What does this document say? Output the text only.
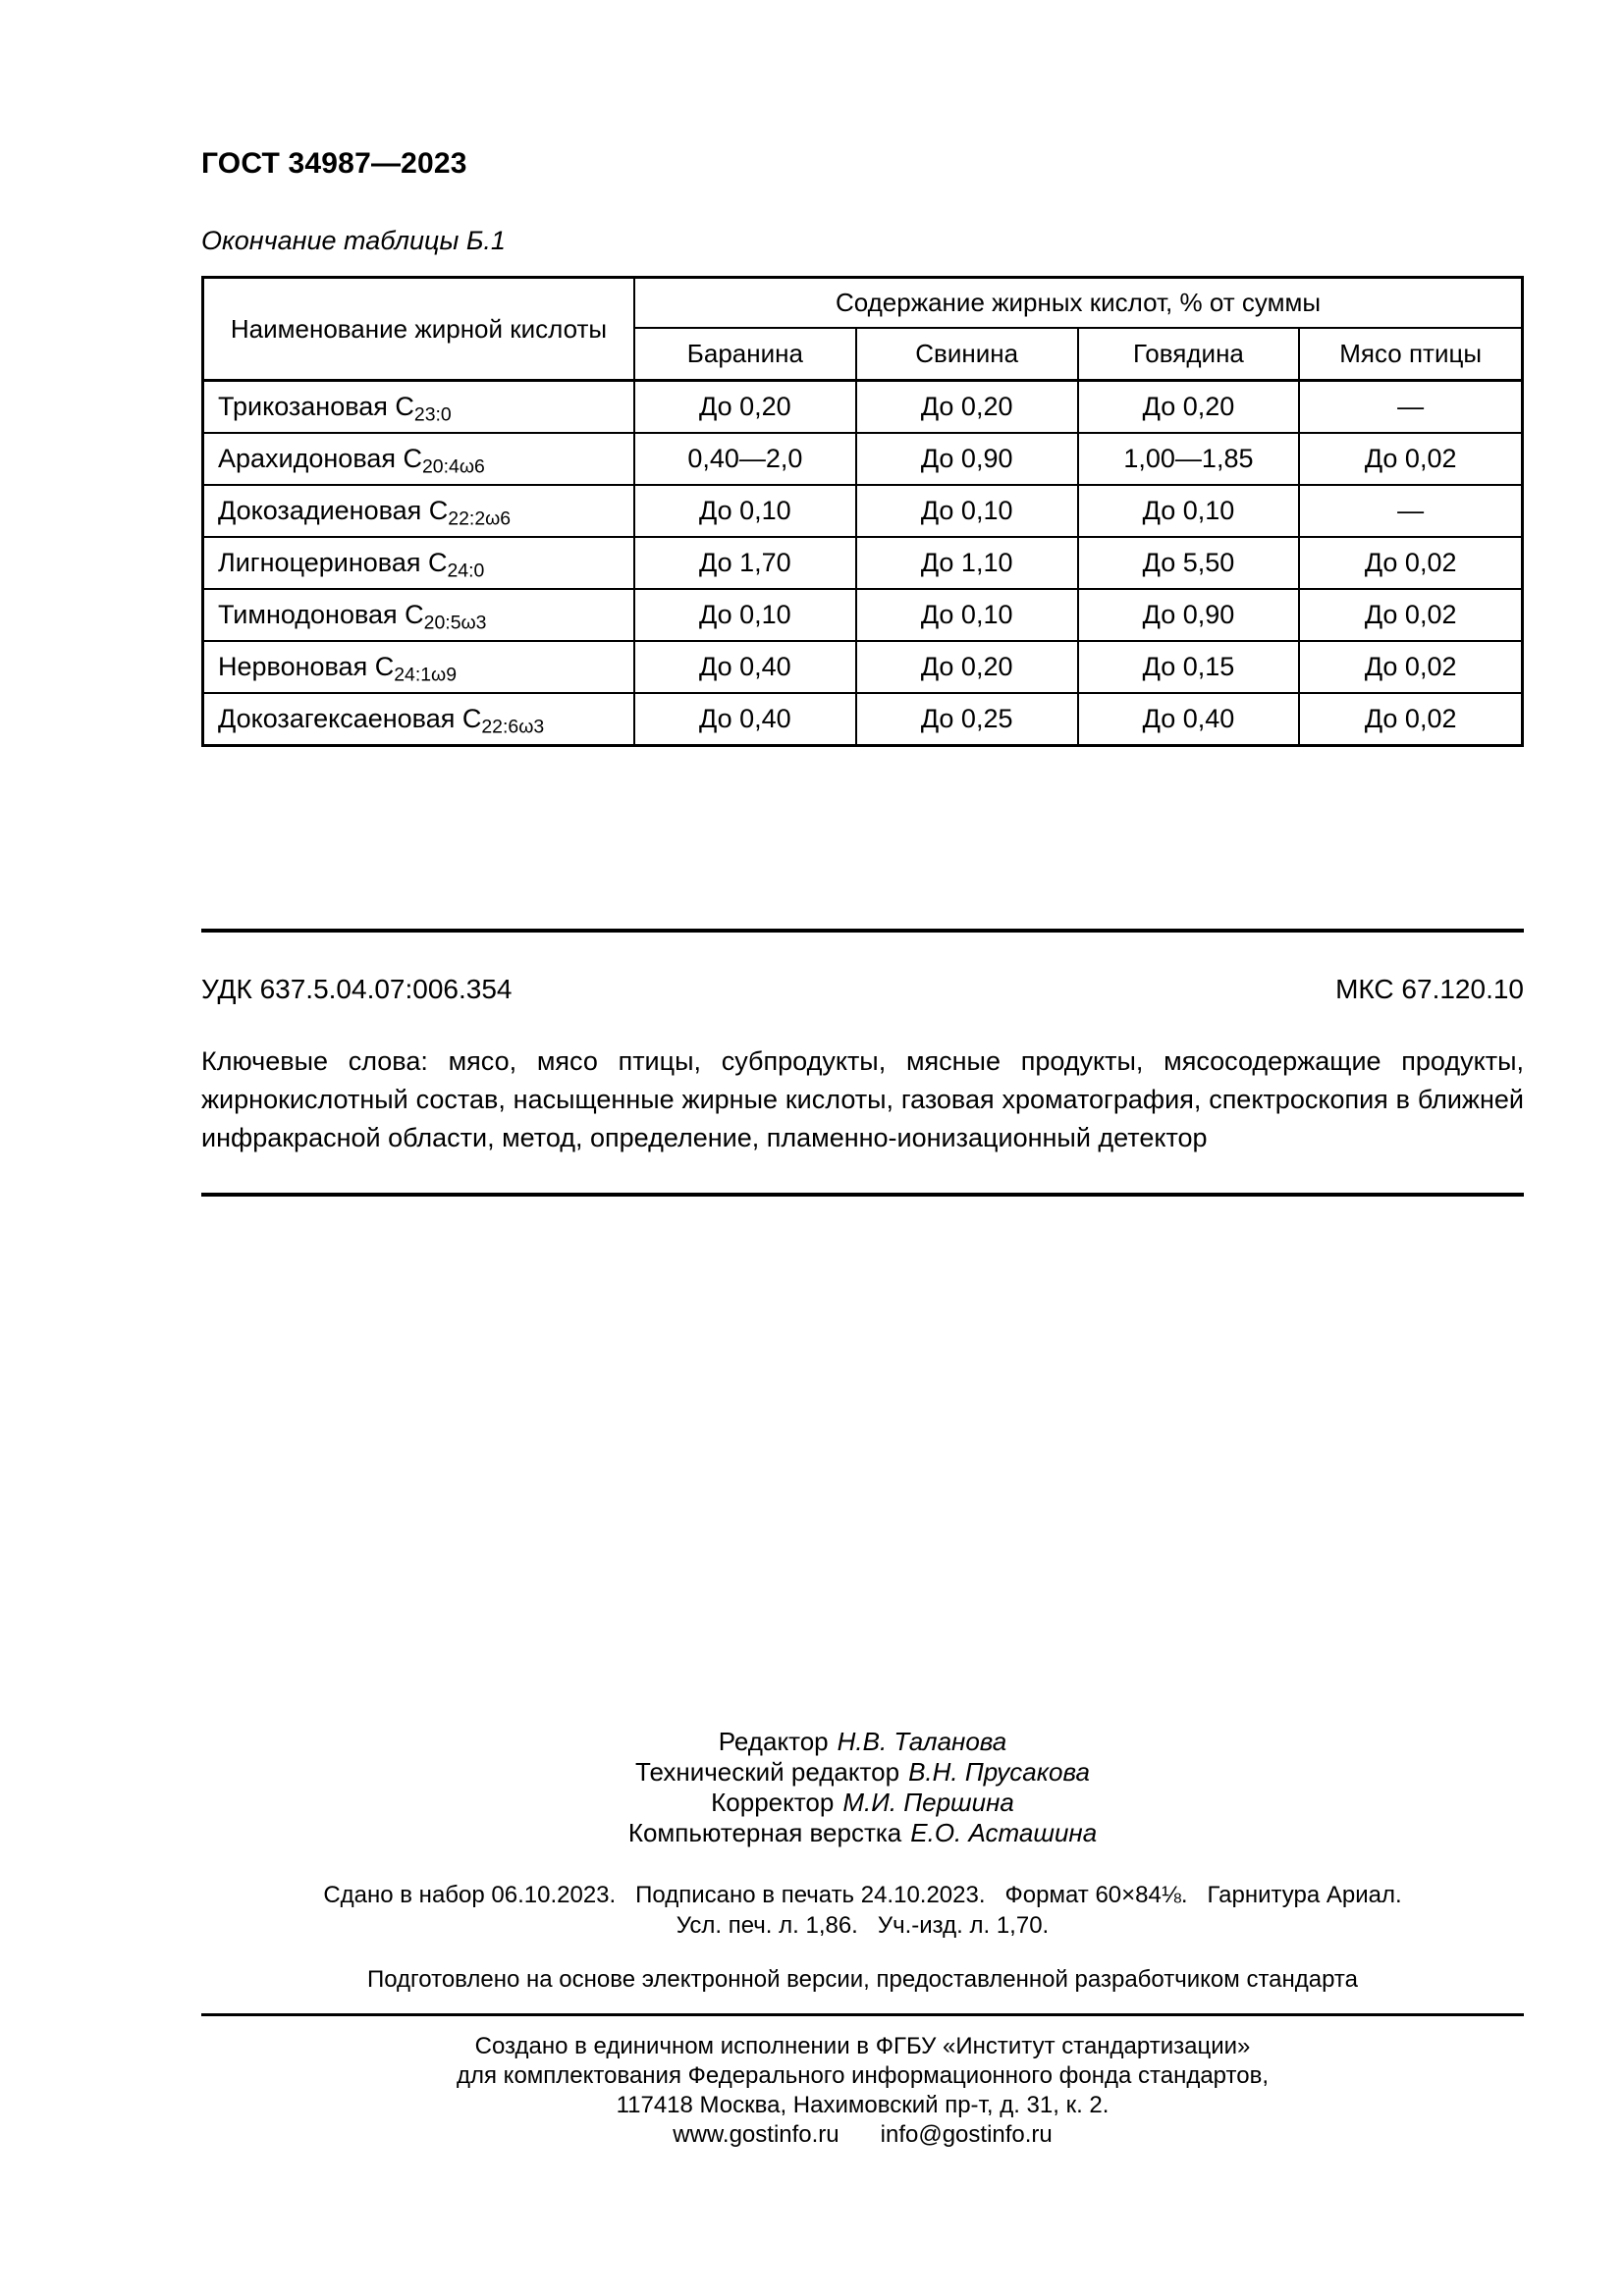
ГОСТ 34987—2023
Окончание таблицы Б.1
Наименование жирной кислоты	Содержание жирных кислот, % от суммы			
	Баранина	Свинина	Говядина	Мясо птицы
Трикозановая $С_{23:0}$	До 0,20	До 0,20	До 0,20	—
Арахидоновая $С_{20:4\omega 6}$	0,40—2,0	До 0,90	1,00—1,85	До 0,02
Докозадиеновая $С_{22:2\omega 6}$	До 0,10	До 0,10	До 0,10	—
Лигноцериновая $С_{24:0}$	До 1,70	До 1,10	До 5,50	До 0,02
Тимнодоновая $С_{20:5\omega 3}$	До 0,10	До 0,10	До 0,90	До 0,02
Нервоновая $С_{24:1\omega 9}$	До 0,40	До 0,20	До 0,15	До 0,02
Докозагексаеновая $С_{22:6\omega 3}$	До 0,40	До 0,25	До 0,40	До 0,02
УДК 637.5.04.07:006.354	МКС 67.120.10
Ключевые слова: мясо, мясо птицы, субпродукты, мясные продукты, мясосодержащие продукты, жирнокислотный состав, насыщенные жирные кислоты, газовая хроматография, спектроскопия в ближней инфракрасной области, метод, определение, пламенно-ионизационный детектор
Редактор Н.В. Таланова
Технический редактор В.Н. Прусакова
Корректор М.И. Першина
Компьютерная верстка Е.О. Асташина
Сдано в набор 06.10.2023.   Подписано в печать 24.10.2023.   Формат 60×84⅛.   Гарнитура Ариал.
Усл. печ. л. 1,86.   Уч.-изд. л. 1,70.
Подготовлено на основе электронной версии, предоставленной разработчиком стандарта
Создано в единичном исполнении в ФГБУ «Институт стандартизации»
для комплектования Федерального информационного фонда стандартов,
117418 Москва, Нахимовский пр-т, д. 31, к. 2.
www.gostinfo.ru info@gostinfo.ru
